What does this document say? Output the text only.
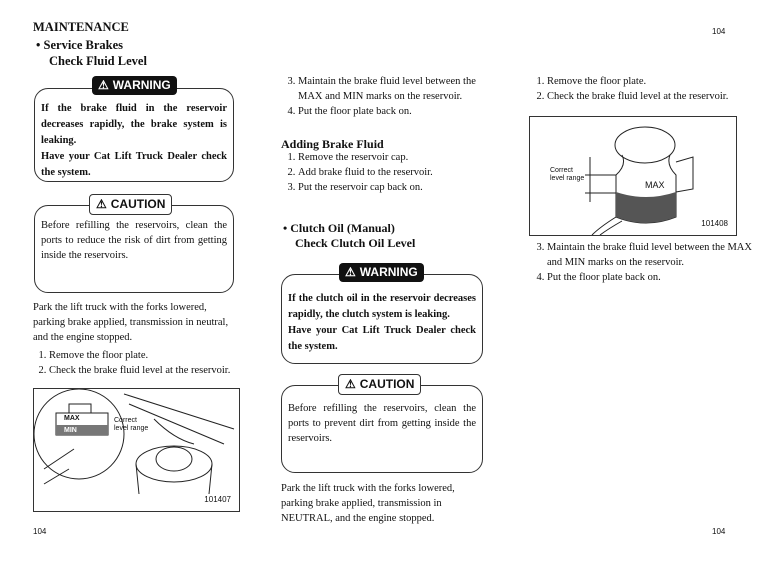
MAINTENANCE	104
• Service Brakes
Check Fluid Level
If the brake fluid in the reservoir decreases rapidly, the brake system is leaking.
Have your Cat Lift Truck Dealer check the system.
⚠ WARNING
Before refilling the reservoirs, clean the ports to reduce the risk of dirt from getting inside the reservoirs.
⚠ CAUTION
Park the lift truck with the forks lowered, parking brake applied, transmission in neutral, and the engine stopped.
1. Remove the floor plate.
2. Check the brake fluid level at the reservoir.
MAX
MIN
Correct level range
101407
104
3. Maintain the brake fluid level between the MAX and MIN marks on the reservoir.
4. Put the floor plate back on.
Adding Brake Fluid
1. Remove the reservoir cap.
2. Add brake fluid to the reservoir.
3. Put the reservoir cap back on.
• Clutch Oil (Manual)
Check Clutch Oil Level
If the clutch oil in the reservoir decreases rapidly, the clutch system is leaking.
Have your Cat Lift Truck Dealer check the system.
⚠ WARNING
Before refilling the reservoirs, clean the ports to prevent dirt from getting inside the reservoirs.
⚠ CAUTION
Park the lift truck with the forks lowered, parking brake applied, transmission in NEUTRAL, and the engine stopped.
1. Remove the floor plate.
2. Check the brake fluid level at the reservoir.
Correct level range
MAX
101408
3. Maintain the brake fluid level between the MAX and MIN marks on the reservoir.
4. Put the floor plate back on.
104
